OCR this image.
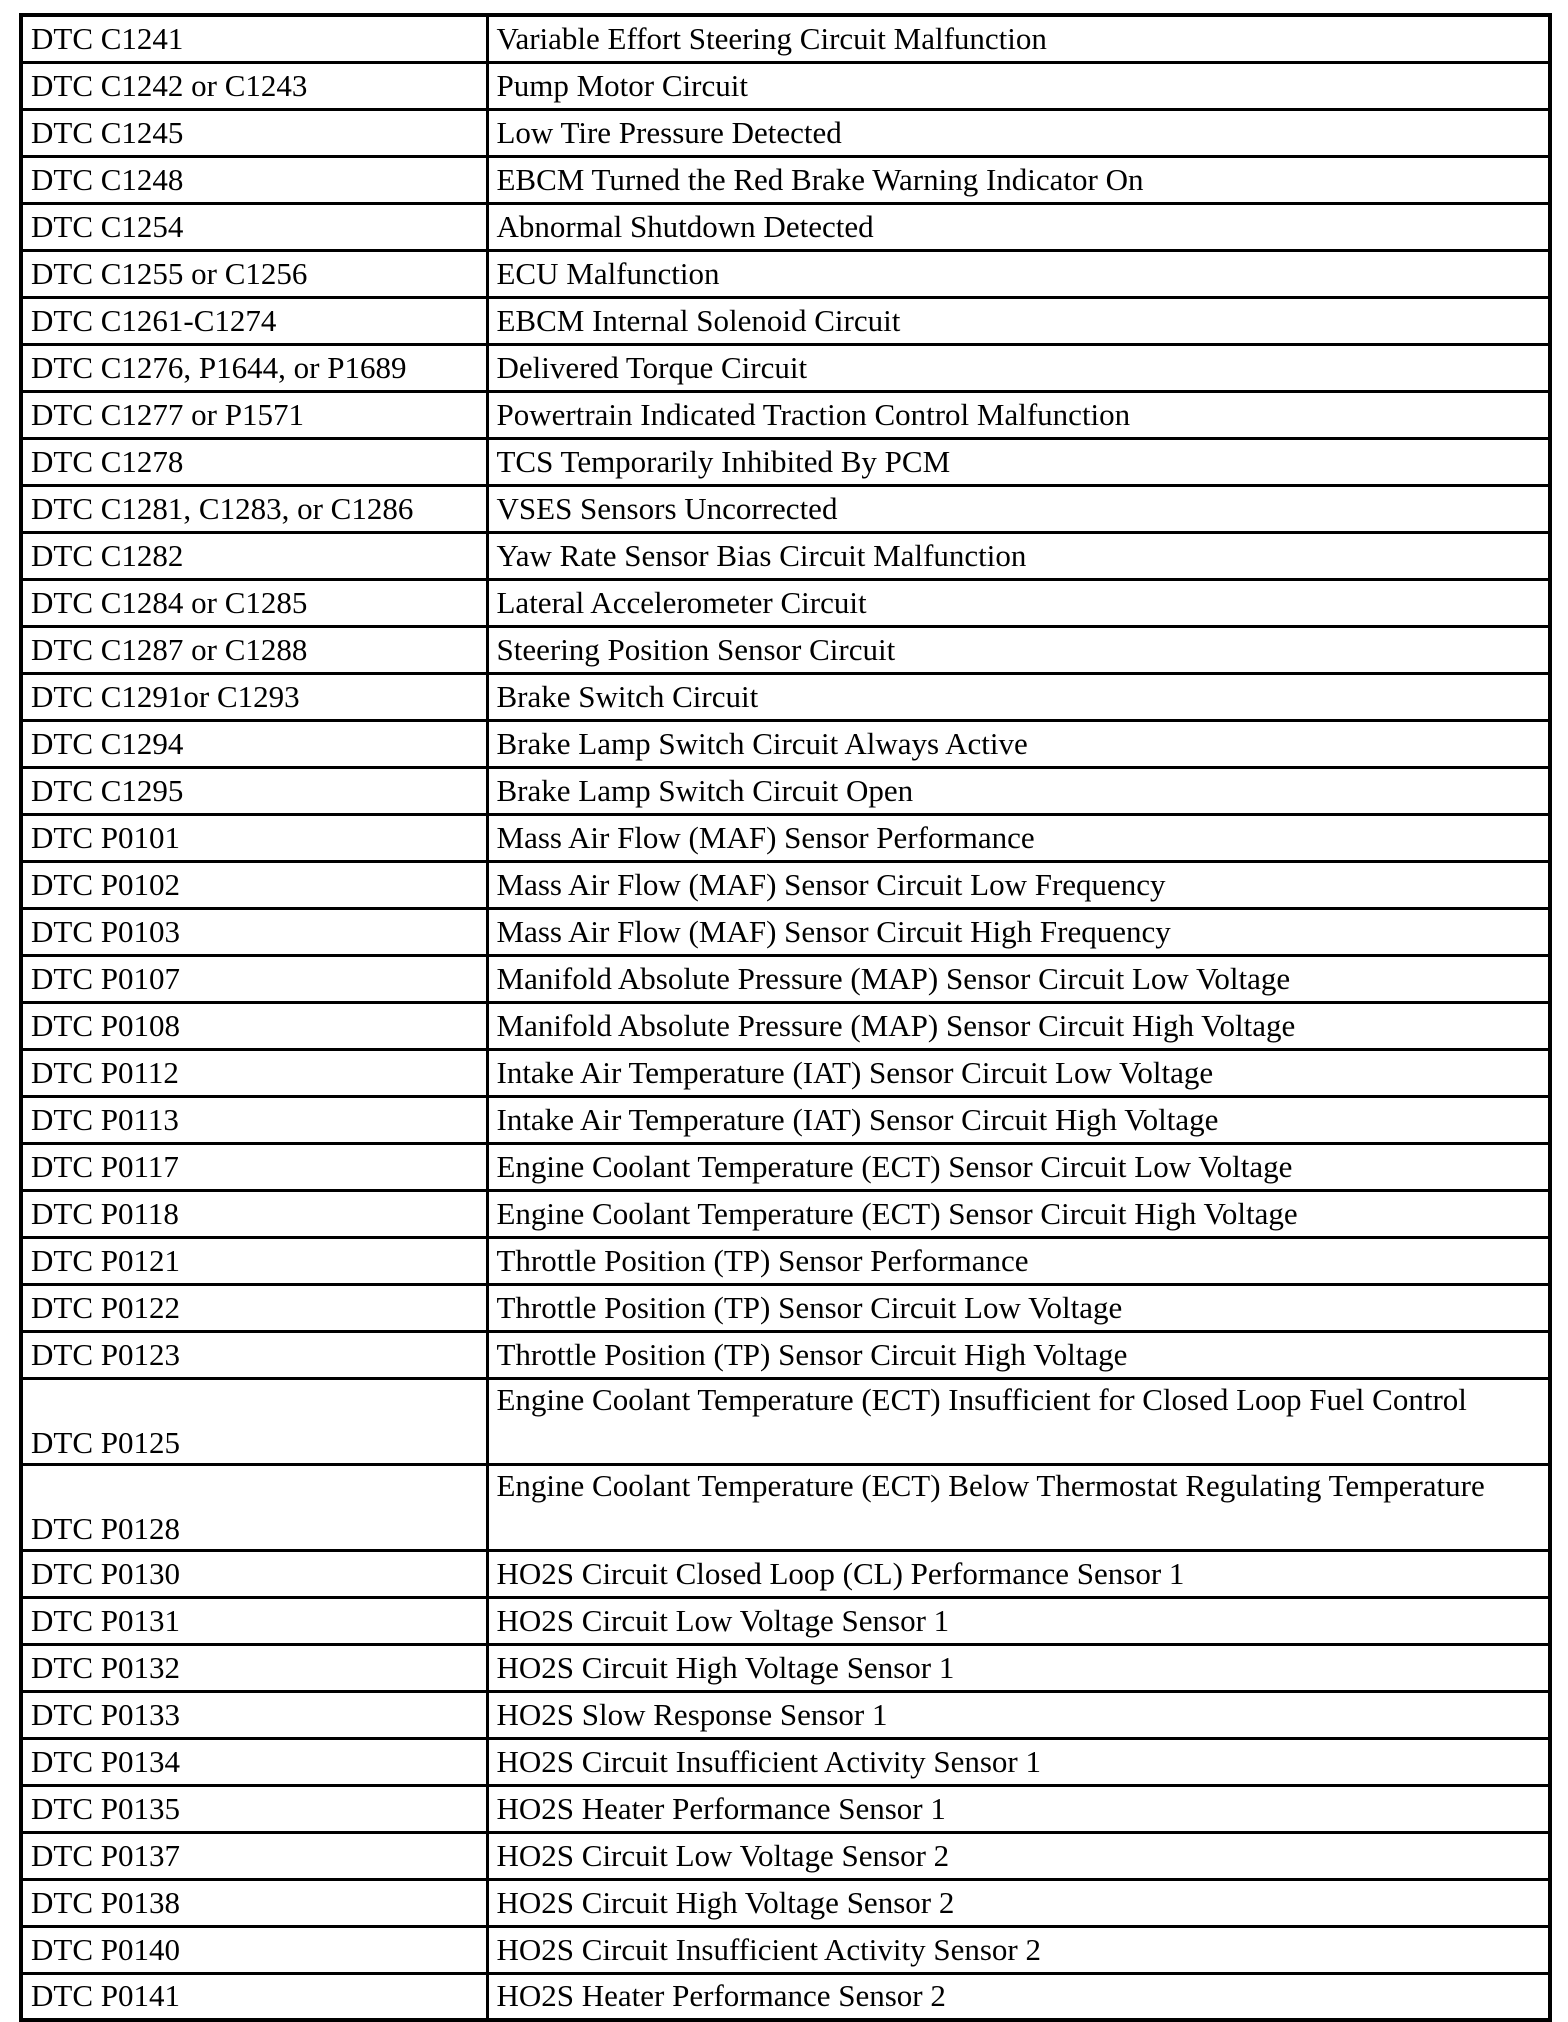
DTC C1241	Variable Effort Steering Circuit Malfunction
DTC C1242 or C1243	Pump Motor Circuit
DTC C1245	Low Tire Pressure Detected
DTC C1248	EBCM Turned the Red Brake Warning Indicator On
DTC C1254	Abnormal Shutdown Detected
DTC C1255 or C1256	ECU Malfunction
DTC C1261-C1274	EBCM Internal Solenoid Circuit
DTC C1276, P1644, or P1689	Delivered Torque Circuit
DTC C1277 or P1571	Powertrain Indicated Traction Control Malfunction
DTC C1278	TCS Temporarily Inhibited By PCM
DTC C1281, C1283, or C1286	VSES Sensors Uncorrected
DTC C1282	Yaw Rate Sensor Bias Circuit Malfunction
DTC C1284 or C1285	Lateral Accelerometer Circuit
DTC C1287 or C1288	Steering Position Sensor Circuit
DTC C1291or C1293	Brake Switch Circuit
DTC C1294	Brake Lamp Switch Circuit Always Active
DTC C1295	Brake Lamp Switch Circuit Open
DTC P0101	Mass Air Flow (MAF) Sensor Performance
DTC P0102	Mass Air Flow (MAF) Sensor Circuit Low Frequency
DTC P0103	Mass Air Flow (MAF) Sensor Circuit High Frequency
DTC P0107	Manifold Absolute Pressure (MAP) Sensor Circuit Low Voltage
DTC P0108	Manifold Absolute Pressure (MAP) Sensor Circuit High Voltage
DTC P0112	Intake Air Temperature (IAT) Sensor Circuit Low Voltage
DTC P0113	Intake Air Temperature (IAT) Sensor Circuit High Voltage
DTC P0117	Engine Coolant Temperature (ECT) Sensor Circuit Low Voltage
DTC P0118	Engine Coolant Temperature (ECT) Sensor Circuit High Voltage
DTC P0121	Throttle Position (TP) Sensor Performance
DTC P0122	Throttle Position (TP) Sensor Circuit Low Voltage
DTC P0123	Throttle Position (TP) Sensor Circuit High Voltage
DTC P0125	Engine Coolant Temperature (ECT) Insufficient for Closed Loop Fuel Control
DTC P0128	Engine Coolant Temperature (ECT) Below Thermostat Regulating Temperature
DTC P0130	HO2S Circuit Closed Loop (CL) Performance Sensor 1
DTC P0131	HO2S Circuit Low Voltage Sensor 1
DTC P0132	HO2S Circuit High Voltage Sensor 1
DTC P0133	HO2S Slow Response Sensor 1
DTC P0134	HO2S Circuit Insufficient Activity Sensor 1
DTC P0135	HO2S Heater Performance Sensor 1
DTC P0137	HO2S Circuit Low Voltage Sensor 2
DTC P0138	HO2S Circuit High Voltage Sensor 2
DTC P0140	HO2S Circuit Insufficient Activity Sensor 2
DTC P0141	HO2S Heater Performance Sensor 2
